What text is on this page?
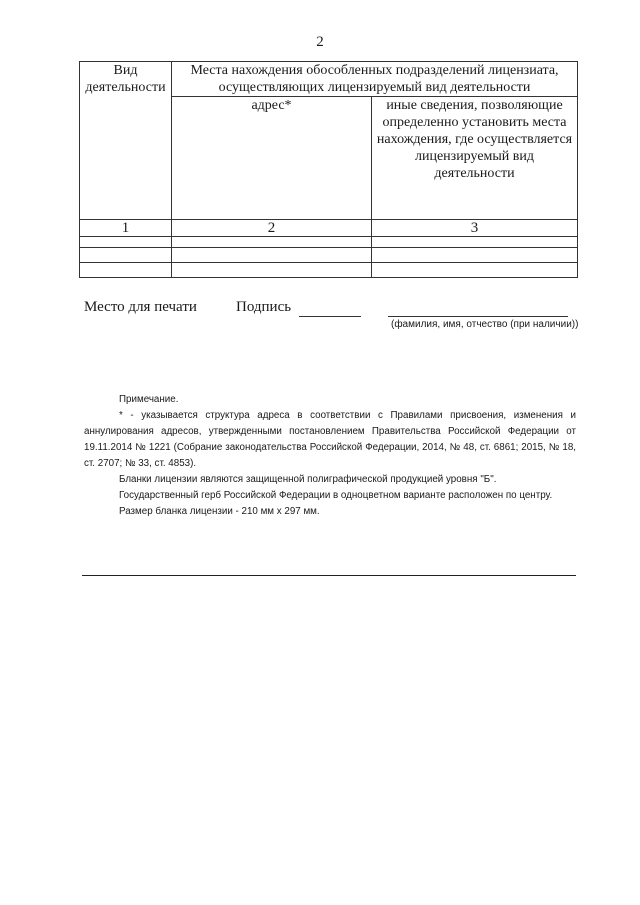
2
Вид деятельности	Места нахождения обособленных подразделений лицензиата, осуществляющих лицензируемый вид деятельности	
	адрес*	иные сведения, позволяющие определенно установить места нахождения, где осуществляется лицензируемый вид деятельности
1	2	3

Место для печати	Подпись
(фамилия, имя, отчество (при наличии))

Примечание.

* - указывается структура адреса в соответствии с Правилами присвоения, изменения и аннулирования адресов, утвержденными постановлением Правительства Российской Федерации от 19.11.2014 № 1221 (Собрание законодательства Российской Федерации, 2014, № 48, ст. 6861; 2015, № 18, ст. 2707; № 33, ст. 4853).

Бланки лицензии являются защищенной полиграфической продукцией уровня "Б".

Государственный герб Российской Федерации в одноцветном варианте расположен по центру.

Размер бланка лицензии - 210 мм х 297 мм.
